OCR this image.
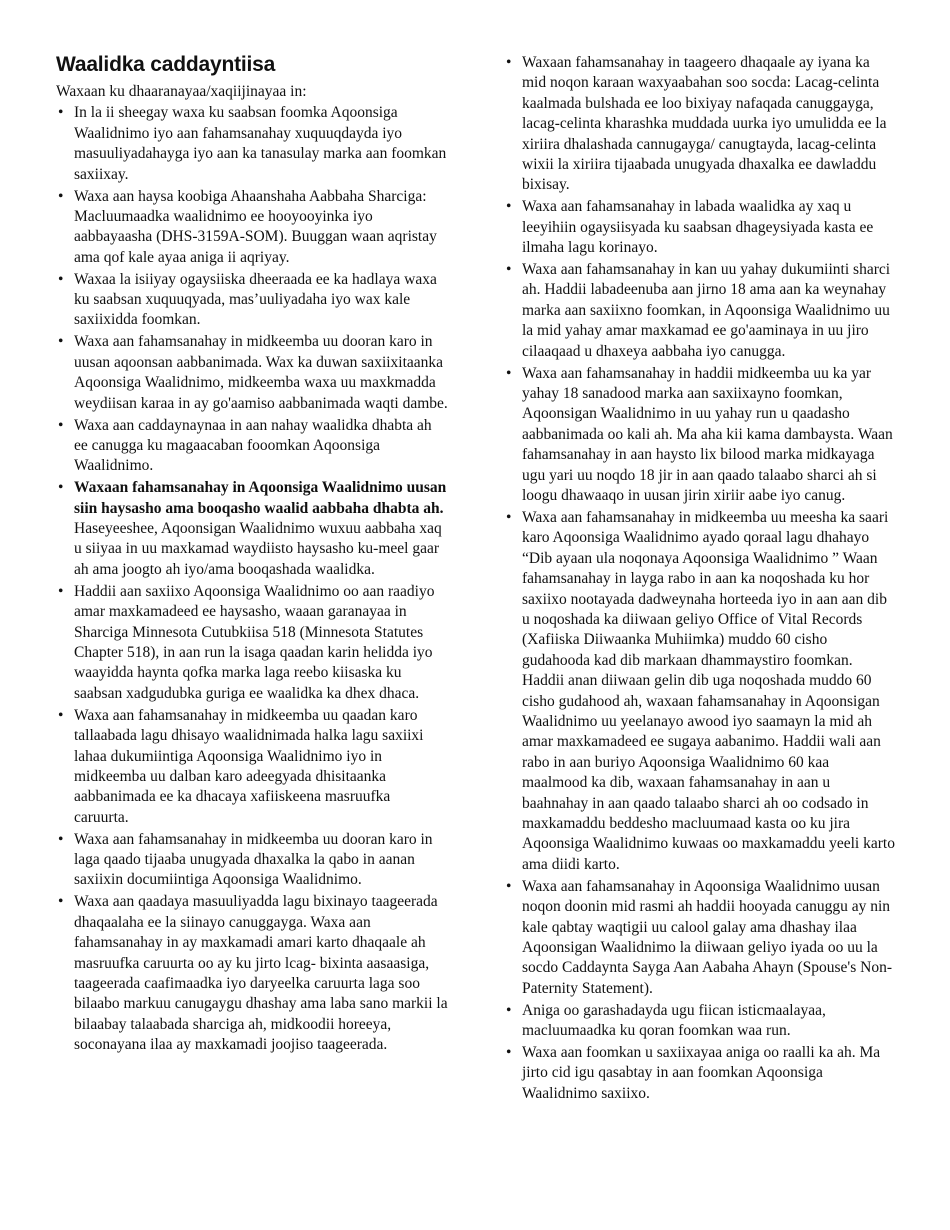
Waalidka caddayntiisa

Waxaan ku dhaaranayaa/xaqiijinayaa in:

• In la ii sheegay waxa ku saabsan foomka Aqoonsiga Waalidnimo iyo aan fahamsanahay xuquuqdayda iyo masuuliyadahayga iyo aan ka tanasulay marka aan foomkan saxiixay.
• Waxa aan haysa koobiga Ahaanshaha Aabbaha Sharciga: Macluumaadka waalidnimo ee hooyooyinka iyo aabbayaasha (DHS-3159A-SOM). Buuggan waan aqristay ama qof kale ayaa aniga ii aqriyay.
• Waxaa la isiiyay ogaysiiska dheeraada ee ka hadlaya waxa ku saabsan xuquuqyada, mas’uuliyadaha iyo wax kale saxiixidda foomkan.
• Waxa aan fahamsanahay in midkeemba uu dooran karo in uusan aqoonsan aabbanimada. Wax ka duwan saxiixitaanka Aqoonsiga Waalidnimo, midkeemba waxa uu maxkmadda weydiisan karaa in ay go'aamiso aabbanimada waqti dambe.
• Waxa aan caddaynaynaa in aan nahay waalidka dhabta ah ee canugga ku magaacaban fooomkan Aqoonsiga Waalidnimo.
• Waxaan fahamsanahay in Aqoonsiga Waalidnimo uusan siin haysasho ama booqasho waalid aabbaha dhabta ah. Haseyeeshee, Aqoonsigan Waalidnimo wuxuu aabbaha xaq u siiyaa in uu maxkamad waydiisto haysasho ku-meel gaar ah ama joogto ah iyo/ama booqashada waalidka.
• Haddii aan saxiixo Aqoonsiga Waalidnimo oo aan raadiyo amar maxkamadeed ee haysasho, waaan garanayaa in Sharciga Minnesota Cutubkiisa 518 (Minnesota Statutes Chapter 518), in aan run la isaga qaadan karin helidda iyo waayidda haynta qofka marka laga reebo kiisaska ku saabsan xadgudubka guriga ee waalidka ka dhex dhaca.
• Waxa aan fahamsanahay in midkeemba uu qaadan karo tallaabada lagu dhisayo waalidnimada halka lagu saxiixi lahaa dukumiintiga Aqoonsiga Waalidnimo iyo in midkeemba uu dalban karo adeegyada dhisitaanka aabbanimada ee ka dhacaya xafiiskeena masruufka caruurta.
• Waxa aan fahamsanahay in midkeemba uu dooran karo in laga qaado tijaaba unugyada dhaxalka la qabo in aanan saxiixin documiintiga Aqoonsiga Waalidnimo.
• Waxa aan qaadaya masuuliyadda lagu bixinayo taageerada dhaqaalaha ee la siinayo canuggayga. Waxa aan fahamsanahay in ay maxkamadi amari karto dhaqaale ah masruufka caruurta oo ay ku jirto lcag- bixinta aasaasiga, taageerada caafimaadka iyo daryeelka caruurta laga soo bilaabo markuu canugaygu dhashay ama laba sano markii la bilaabay talaabada sharciga ah, midkoodii horeeya, soconayana ilaa ay maxkamadi joojiso taageerada.
• Waxaan fahamsanahay in taageero dhaqaale ay iyana ka mid noqon karaan waxyaabahan soo socda: Lacag-celinta kaalmada bulshada ee loo bixiyay nafaqada canuggaygа, lacag-celinta kharashka muddada uurka iyo umulidda ee la xiriira dhalashada cannugayga/ canugtayda, lacag-celinta wixii la xiriira tijaabada unugyada dhaxalka ee dawladdu bixisay.
• Waxa aan fahamsanahay in labada waalidka ay xaq u leeyihiin ogaysiisyada ku saabsan dhageysiyada kasta ee ilmaha lagu korinayo.
• Waxa aan fahamsanahay in kan uu yahay dukumiinti sharci ah. Haddii labadeenuba aan jirno 18 ama aan ka weynahay marka aan saxiixno foomkan, in Aqoonsiga Waalidnimo uu la mid yahay amar maxkamad ee go'aaminaya in uu jiro cilaaqaad u dhaxeya aabbaha iyo canugga.
• Waxa aan fahamsanahay in haddii midkeemba uu ka yar yahay 18 sanadood marka aan saxiixayno foomkan, Aqoonsigan Waalidnimo in uu yahay run u qaadasho aabbanimada oo kali ah. Ma aha kii kama dambaysta. Waan fahamsanahay in aan haysto lix bilood marka midkayaga ugu yari uu noqdo 18 jir in aan qaado talaabo sharci ah si loogu dhawaaqo in uusan jirin xiriir aabe iyo canug.
• Waxa aan fahamsanahay in midkeemba uu meesha ka saari karo Aqoonsiga Waalidnimo ayado qoraal lagu dhahayo “Dib ayaan ula noqonaya Aqoonsiga Waalidnimo ” Waan fahamsanahay in layga rabo in aan ka noqoshada ku hor saxiixo nootayada dadweynaha horteeda iyo in aan aan dib u noqoshada ka diiwaan geliyo Office of Vital Records (Xafiiska Diiwaanka Muhiimka) muddo 60 cisho gudahooda kad dib markaan dhammaystiro foomkan. Haddii anan diiwaan gelin dib uga noqoshada muddo 60 cisho gudahood ah, waxaan fahamsanahay in Aqoonsigan Waalidnimo uu yeelanayo awood iyo saamayn la mid ah amar maxkamadeed ee sugaya aabanimo. Haddii wali aan rabo in aan buriyo Aqoonsiga Waalidnimo 60 kaa maalmood ka dib, waxaan fahamsanahay in aan u baahnahay in aan qaado talaabo sharci ah oo codsado in maxkamaddu beddesho macluumaad kasta oo ku jira Aqoonsiga Waalidnimo kuwaas oo maxkamaddu yeeli karto ama diidi karto.
• Waxa aan fahamsanahay in Aqoonsiga Waalidnimo uusan noqon doonin mid rasmi ah haddii hooyada canuggu ay nin kale qabtay waqtigii uu calool galay ama dhashay ilaa Aqoonsigan Waalidnimo la diiwaan geliyo iyada oo uu la socdo Caddaynta Sayga Aan Aabaha Ahayn (Spouse's Non-Paternity Statement).
• Aniga oo garashadayda ugu fiican isticmaalayaa, macluumaadka ku qoran foomkan waa run.
• Waxa aan foomkan u saxiixayaa aniga oo raalli ka ah. Ma jirto cid igu qasabtay in aan foomkan Aqoonsiga Waalidnimo saxiixo.
